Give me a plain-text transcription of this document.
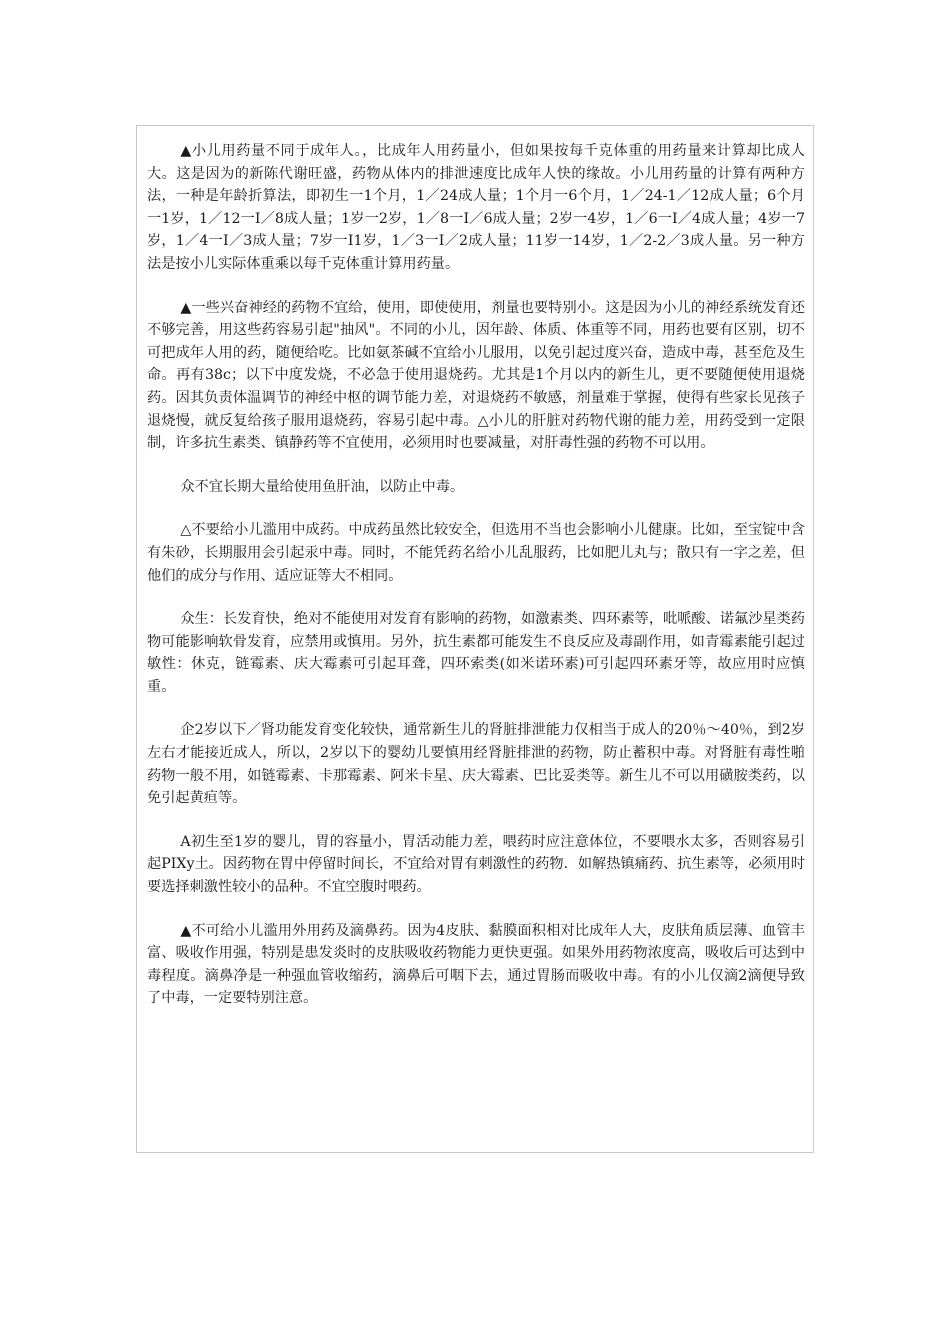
▲小儿用药量不同于成年人。，比成年人用药量小，但如果按每千克体重的用药量来计算却比成人大。这是因为的新陈代谢旺盛，药物从体内的排泄速度比成年人快的缘故。小儿用药量的计算有两种方法，一种是年龄折算法，即初生一1个月，1／24成人量；1个月一6个月，1／24-1／12成人量；6个月一1岁，1／12一I／8成人量；1岁一2岁，1／8一I／6成人量；2岁一4岁，1／6一I／4成人量；4岁一7岁，1／4一I／3成人量；7岁一I1岁，1／3一I／2成人量；11岁一14岁，1／2-2／3成人量。另一种方法是按小儿实际体重乘以每千克体重计算用药量。

▲一些兴奋神经的药物不宜给，使用，即使使用，剂量也要特别小。这是因为小儿的神经系统发育还不够完善，用这些药容易引起"抽风"。不同的小儿，因年龄、体质、体重等不同，用药也要有区别，切不可把成年人用的药，随便给吃。比如氨茶碱不宜给小儿服用，以免引起过度兴奋，造成中毒，甚至危及生命。再有38c；以下中度发烧，不必急于使用退烧药。尤其是1个月以内的新生儿，更不要随便使用退烧药。因其负责体温调节的神经中枢的调节能力差，对退烧药不敏感，剂量难于掌握，使得有些家长见孩子退烧慢，就反复给孩子服用退烧药，容易引起中毒。△小儿的肝脏对药物代谢的能力差，用药受到一定限制，许多抗生素类、镇静药等不宜使用，必须用时也要减量，对肝毒性强的药物不可以用。

众不宜长期大量给使用鱼肝油，以防止中毒。

△不要给小儿滥用中成药。中成药虽然比较安全，但选用不当也会影响小儿健康。比如，至宝锭中含有朱砂，长期服用会引起汞中毒。同时，不能凭药名给小儿乱服药，比如肥儿丸与；散只有一字之差，但他们的成分与作用、适应证等大不相同。

众生：长发育快，绝对不能使用对发育有影响的药物，如激素类、四环素等，吡哌酸、诺氟沙星类药物可能影响软骨发育，应禁用或慎用。另外，抗生素都可能发生不良反应及毒副作用，如青霉素能引起过敏性：休克，链霉素、庆大霉素可引起耳聋，四环索类(如米诺环素)可引起四环素牙等，故应用时应慎重。

企2岁以下／肾功能发育变化较快，通常新生儿的肾脏排泄能力仅相当于成人的20％～40％，到2岁左右才能接近成人，所以，2岁以下的婴幼儿要慎用经肾脏排泄的药物，防止蓄积中毒。对肾脏有毒性啪药物一般不用，如链霉素、卡那霉素、阿米卡星、庆大霉素、巴比妥类等。新生儿不可以用磺胺类药，以免引起黄疸等。

A初生至1岁的婴儿，胃的容量小，胃活动能力差，喂药时应注意体位，不要喂水太多，否则容易引起PIXy土。因药物在胃中停留时间长，不宜给对胃有刺激性的药物．如解热镇痛药、抗生素等，必须用时要选择刺激性较小的品种。不宜空腹时喂药。

▲不可给小儿滥用外用药及滴鼻药。因为4皮肤、黏膜面积相对比成年人大，皮肤角质层薄、血管丰富、吸收作用强，特别是患发炎时的皮肤吸收药物能力更快更强。如果外用药物浓度高，吸收后可达到中毒程度。滴鼻净是一种强血管收缩药，滴鼻后可咽下去，通过胃肠而吸收中毒。有的小儿仅滴2滴便导致了中毒，一定要特别注意。
